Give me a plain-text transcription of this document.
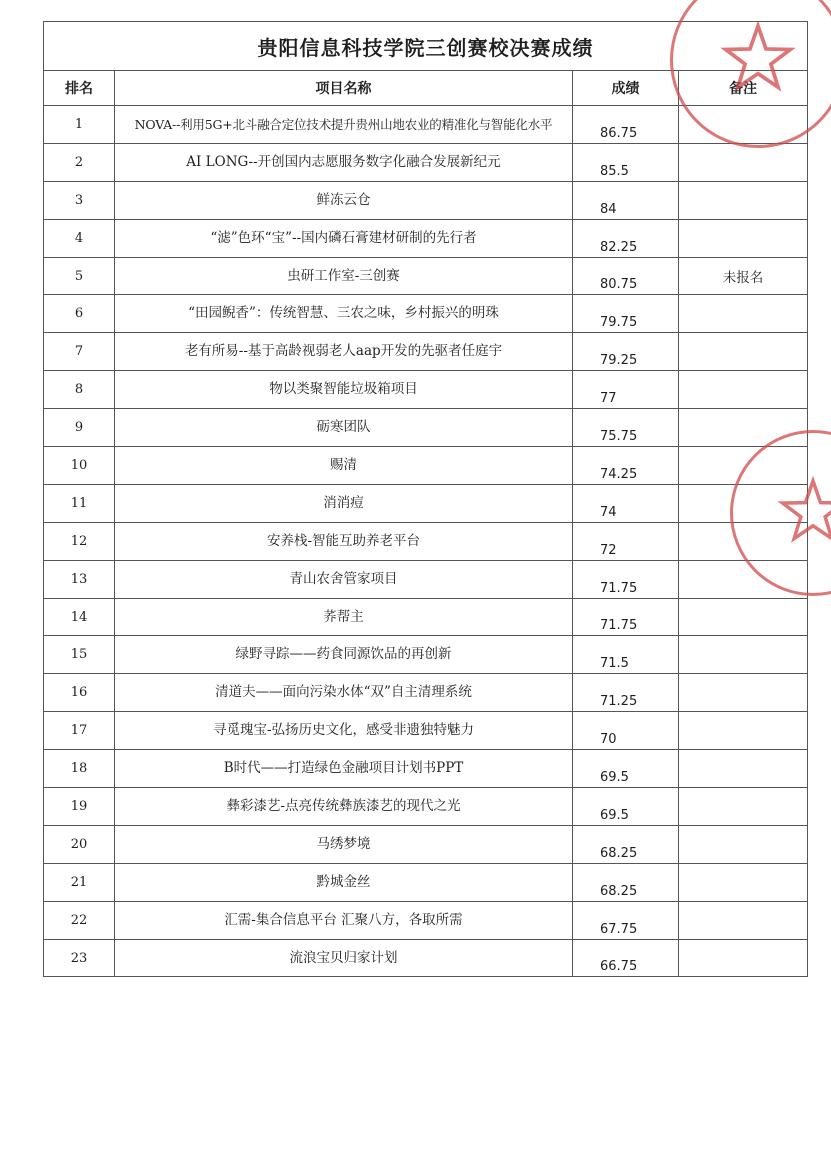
贵阳信息科技学院三创赛校决赛成绩			
排名	项目名称	成绩	备注
1	NOVA--利用5G+北斗融合定位技术提升贵州山地农业的精准化与智能化水平	86.75	
2	AI LONG--开创国内志愿服务数字化融合发展新纪元	85.5	
3	鲜冻云仓	84	
4	“滤”色环“宝”--国内磷石膏建材研制的先行者	82.25	
5	虫研工作室-三创赛	80.75	未报名
6	“田园鲵香”：传统智慧、三农之味，乡村振兴的明珠	79.75	
7	老有所易--基于高龄视弱老人aap开发的先驱者任庭宇	79.25	
8	物以类聚智能垃圾箱项目	77	
9	砺寒团队	75.75	
10	赐清	74.25	
11	消消痘	74	
12	安养栈-智能互助养老平台	72	
13	青山农舍管家项目	71.75	
14	荞帮主	71.75	
15	绿野寻踪——药食同源饮品的再创新	71.5	
16	清道夫——面向污染水体“双”自主清理系统	71.25	
17	寻觅瑰宝-弘扬历史文化，感受非遗独特魅力	70	
18	B时代——打造绿色金融项目计划书PPT	69.5	
19	彝彩漆艺-点亮传统彝族漆艺的现代之光	69.5	
20	马绣梦境	68.25	
21	黔城金丝	68.25	
22	汇需-集合信息平台 汇聚八方，各取所需	67.75	
23	流浪宝贝归家计划	66.75	
